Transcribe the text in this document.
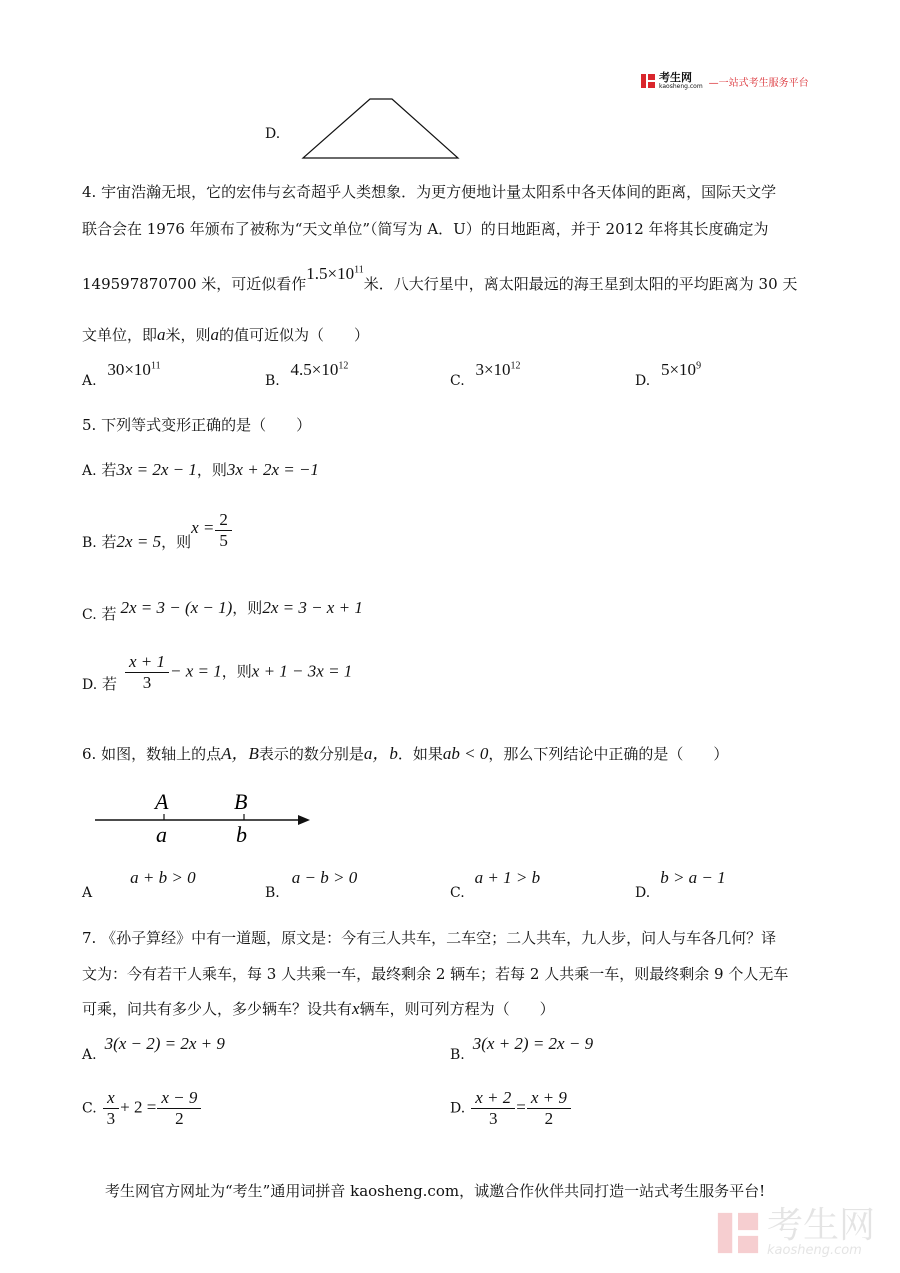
考生网
kaosheng.com —一站式考生服务平台
D.
4. 宇宙浩瀚无垠，它的宏伟与玄奇超乎人类想象．为更方便地计量太阳系中各天体间的距离，国际天文学
联合会在 1976 年颁布了被称为“天文单位”（简写为 A．U）的日地距离，并于 2012 年将其长度确定为
149597870700 米，可近似看作$1.5\times 10^{11}$米．八大行星中，离太阳最远的海王星到太阳的平均距离为 30 天
文单位，即a米，则a的值可近似为（　　）
A. $30\times 10^{11}$
B. $4.5\times 10^{12}$
C. $3\times 10^{12}$
D. $5\times 10^9$
5. 下列等式变形正确的是（　　）
A. 若3x = 2x − 1，则3x + 2x = −1
B. 若2x = 5，则$x = \frac{2}{5}$
C. 若 2x = 3 − (x − 1)，则2x = 3 − x + 1
D. 若 $\frac{x + 1}{3} - x = 1$，则x + 1 − 3x = 1
6. 如图，数轴上的点A，B表示的数分别是a，b．如果ab < 0，那么下列结论中正确的是（　　）
A	B
a	b
Aa + b > 0
B.a − b > 0
C.a + 1 > b
D.b > a − 1
7. 《孙子算经》中有一道题，原文是：今有三人共车，二车空；二人共车，九人步，问人与车各几何？译
文为：今有若干人乘车，每 3 人共乘一车，最终剩余 2 辆车；若每 2 人共乘一车，则最终剩余 9 个人无车
可乘，问共有多少人，多少辆车？设共有x辆车，则可列方程为（　　）
A.3(x − 2) = 2x + 9
B.3(x + 2) = 2x − 9
C. $\frac{x}{3} + 2 = \frac{x - 9}{2}$	D. $\frac{x + 2}{3} = \frac{x + 9}{2}$
考生网官方网址为“考生”通用词拼音 kaosheng.com，诚邀合作伙伴共同打造一站式考生服务平台!
考生网
kaosheng.com
